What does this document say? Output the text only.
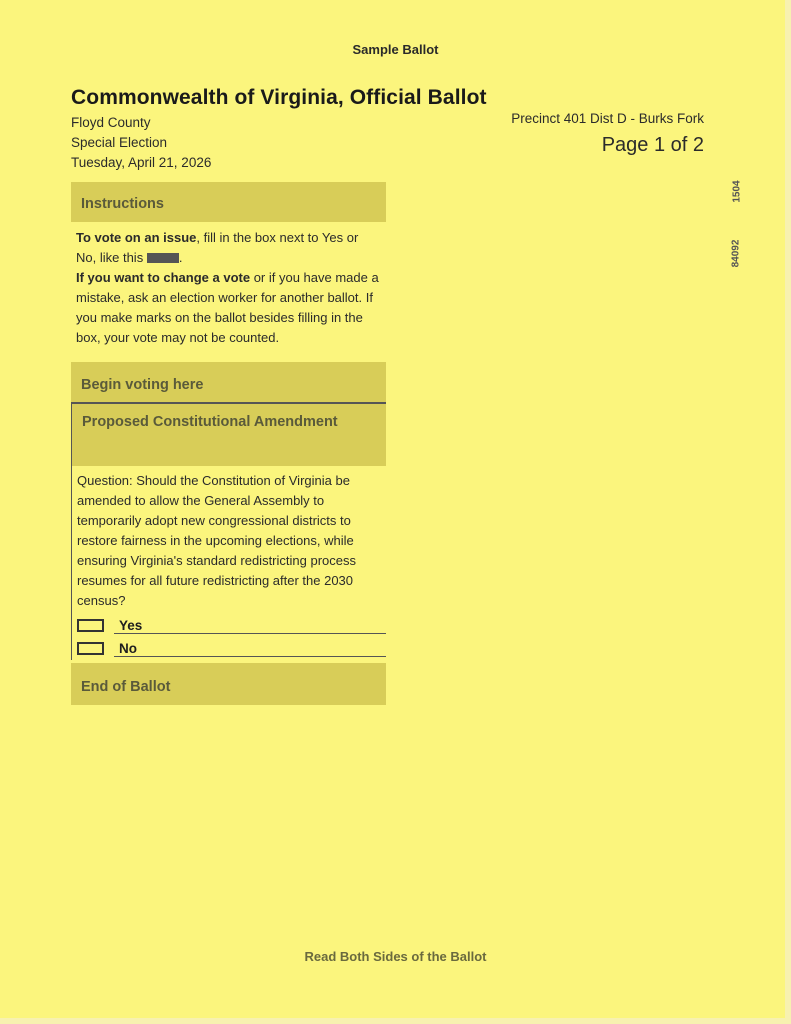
Sample Ballot
Commonwealth of Virginia, Official Ballot
Floyd County
Special Election
Tuesday, April 21, 2026
Precinct 401 Dist D - Burks Fork
Page 1 of 2
1504
84092
Instructions
To vote on an issue, fill in the box next to Yes or No, like this .
If you want to change a vote or if you have made a mistake, ask an election worker for another ballot. If you make marks on the ballot besides filling in the box, your vote may not be counted.
Begin voting here
Proposed Constitutional Amendment
Question: Should the Constitution of Virginia be amended to allow the General Assembly to temporarily adopt new congressional districts to restore fairness in the upcoming elections, while ensuring Virginia's standard redistricting process resumes for all future redistricting after the 2030 census?
Yes
No
End of Ballot
Read Both Sides of the Ballot
